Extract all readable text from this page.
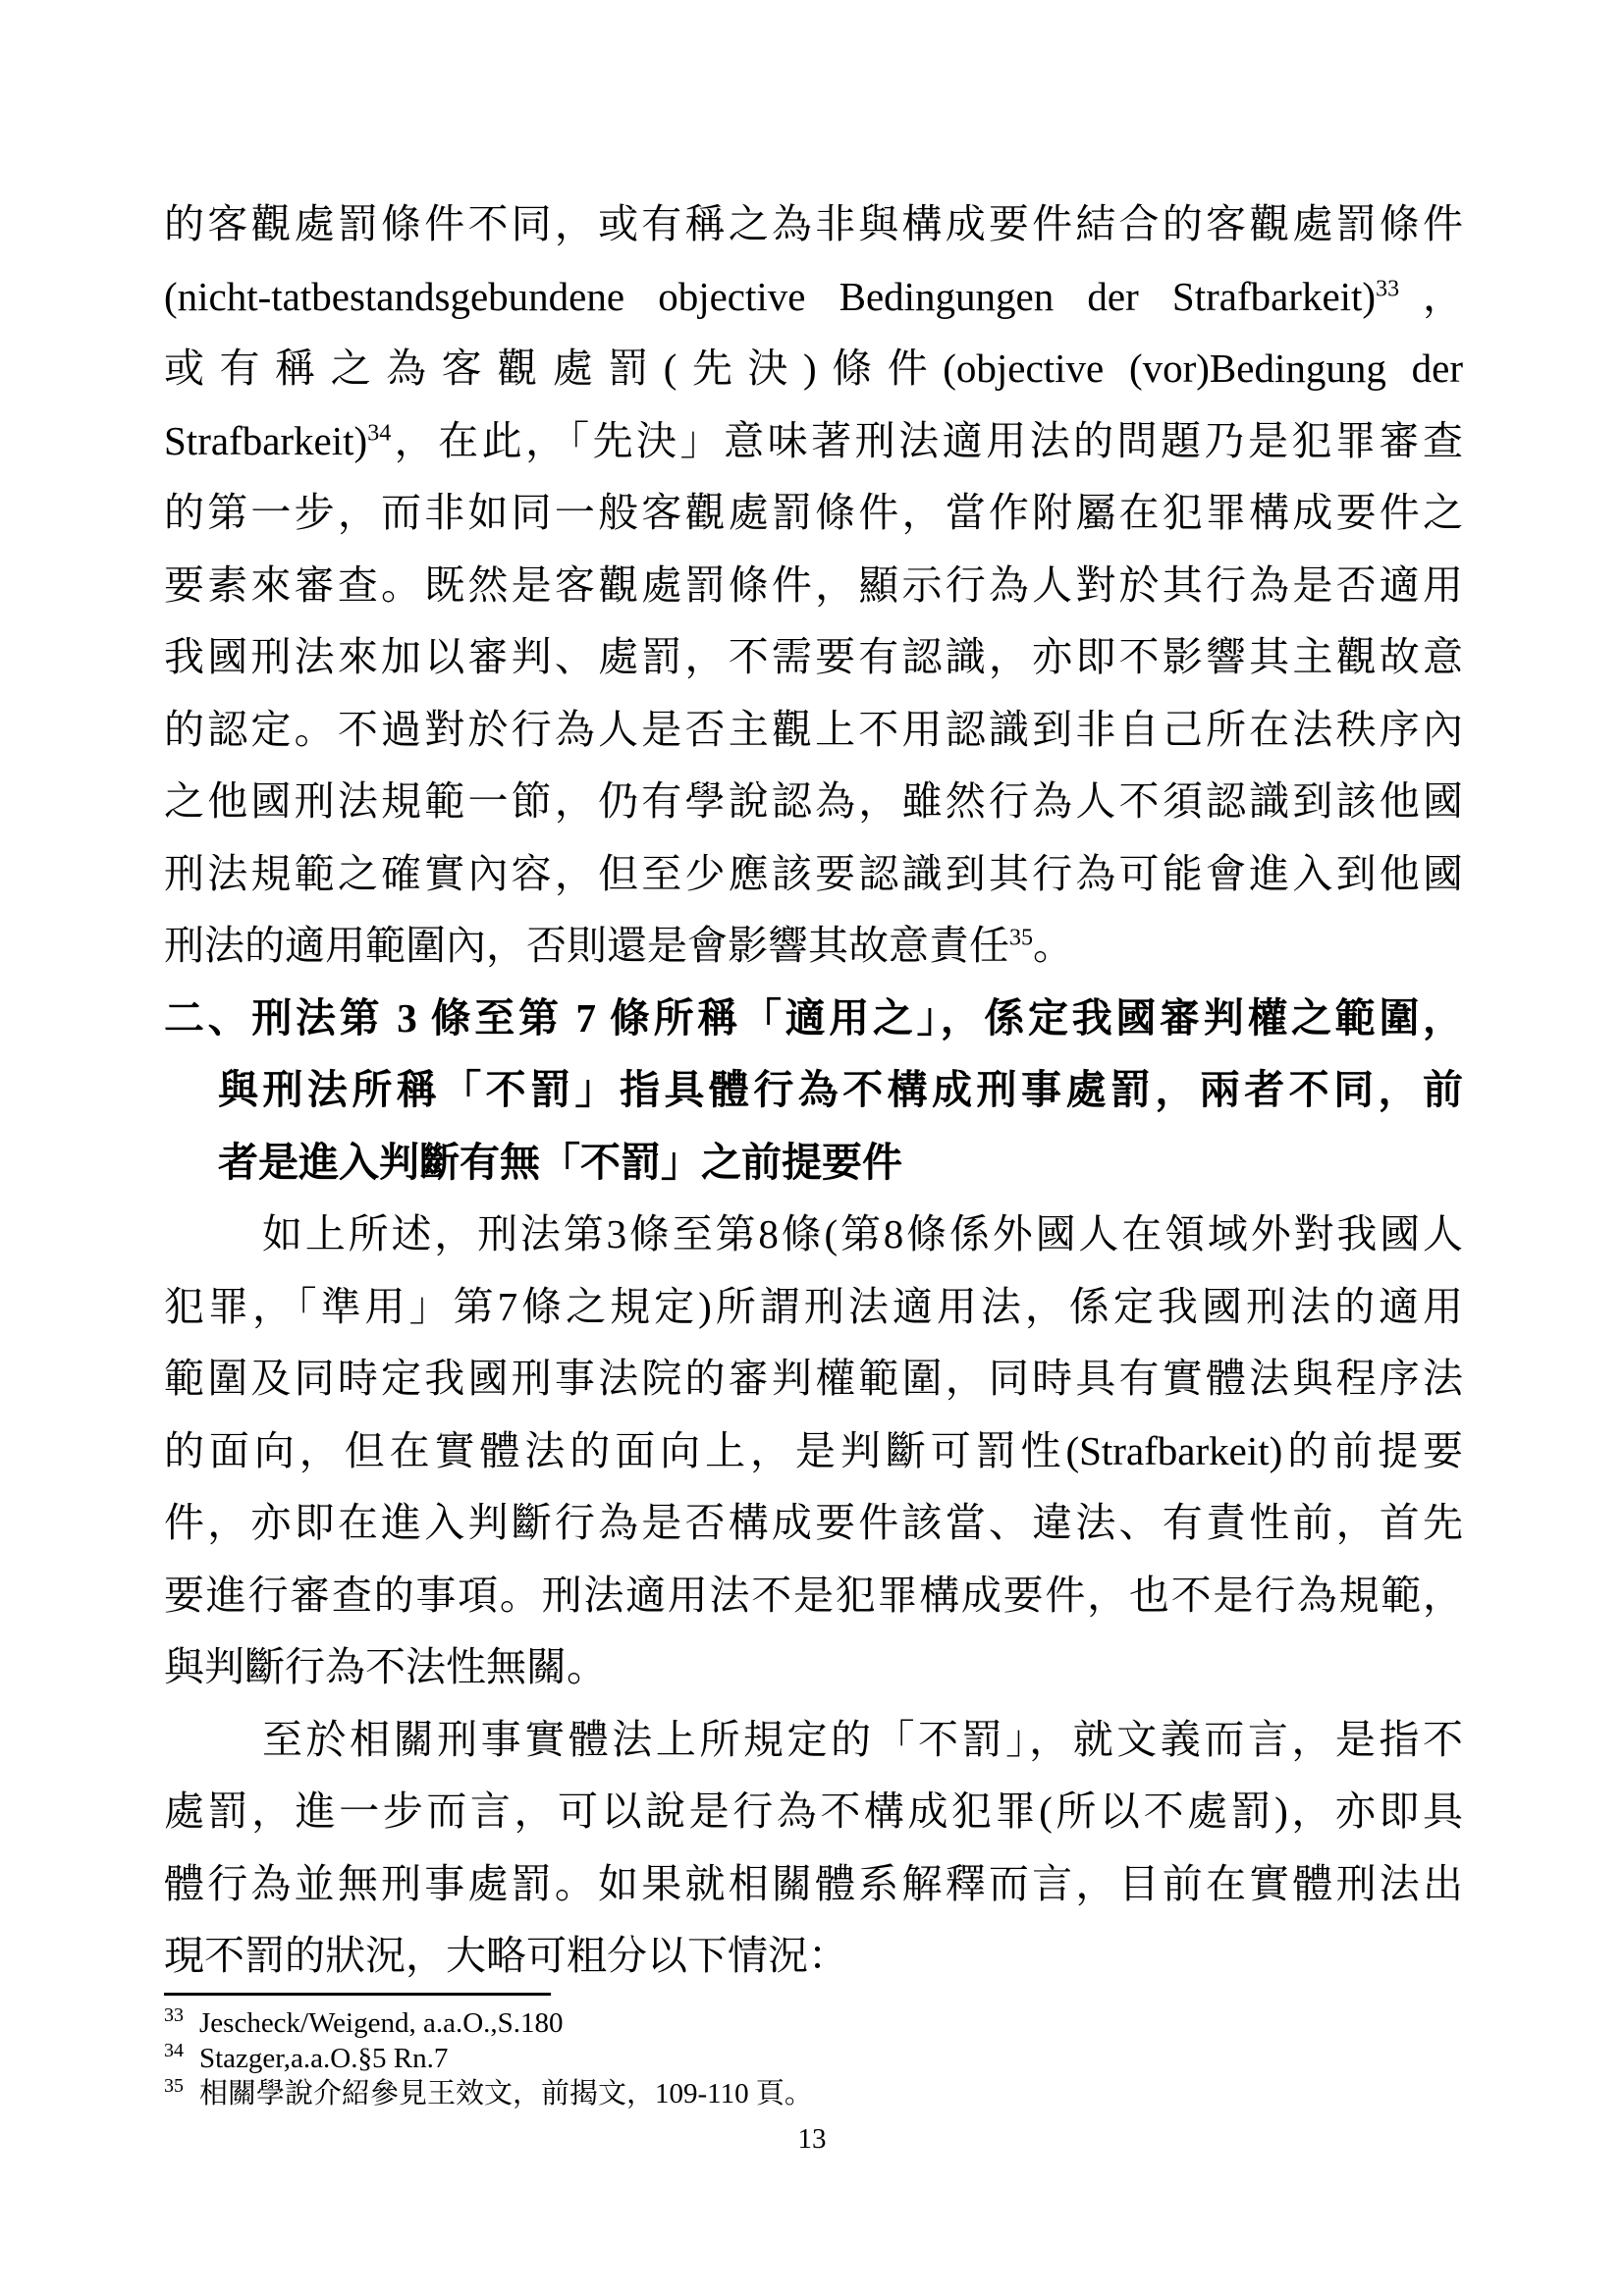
的客觀處罰條件不同，或有稱之為非與構成要件結合的客觀處罰條件
(nicht-tatbestandsgebundene objective Bedingungen der Strafbarkeit)$^{33}$，
或有稱之為客觀處罰(先決)條件(objective (vor)Bedingung der
Strafbarkeit)$^{34}$，在此，「先決」意味著刑法適用法的問題乃是犯罪審查
的第一步，而非如同一般客觀處罰條件，當作附屬在犯罪構成要件之
要素來審查。既然是客觀處罰條件，顯示行為人對於其行為是否適用
我國刑法來加以審判、處罰，不需要有認識，亦即不影響其主觀故意
的認定。不過對於行為人是否主觀上不用認識到非自己所在法秩序內
之他國刑法規範一節，仍有學說認為，雖然行為人不須認識到該他國
刑法規範之確實內容，但至少應該要認識到其行為可能會進入到他國
刑法的適用範圍內，否則還是會影響其故意責任$^{35}$。
二、刑法第 3 條至第 7 條所稱「適用之」，係定我國審判權之範圍，
與刑法所稱「不罰」指具體行為不構成刑事處罰，兩者不同，前
者是進入判斷有無「不罰」之前提要件
如上所述，刑法第3條至第8條(第8條係外國人在領域外對我國人
犯罪，「準用」第7條之規定)所謂刑法適用法，係定我國刑法的適用
範圍及同時定我國刑事法院的審判權範圍，同時具有實體法與程序法
的面向，但在實體法的面向上，是判斷可罰性(Strafbarkeit)的前提要
件，亦即在進入判斷行為是否構成要件該當、違法、有責性前，首先
要進行審查的事項。刑法適用法不是犯罪構成要件，也不是行為規範，
與判斷行為不法性無關。
至於相關刑事實體法上所規定的「不罰」，就文義而言，是指不
處罰，進一步而言，可以說是行為不構成犯罪(所以不處罰)，亦即具
體行為並無刑事處罰。如果就相關體系解釋而言，目前在實體刑法出
現不罰的狀況，大略可粗分以下情況：
$^{33}$ Jescheck/Weigend, a.a.O.,S.180
$^{34}$ Stazger,a.a.O.§5 Rn.7
$^{35}$ 相關學說介紹參見王效文，前揭文，109-110 頁。
13
